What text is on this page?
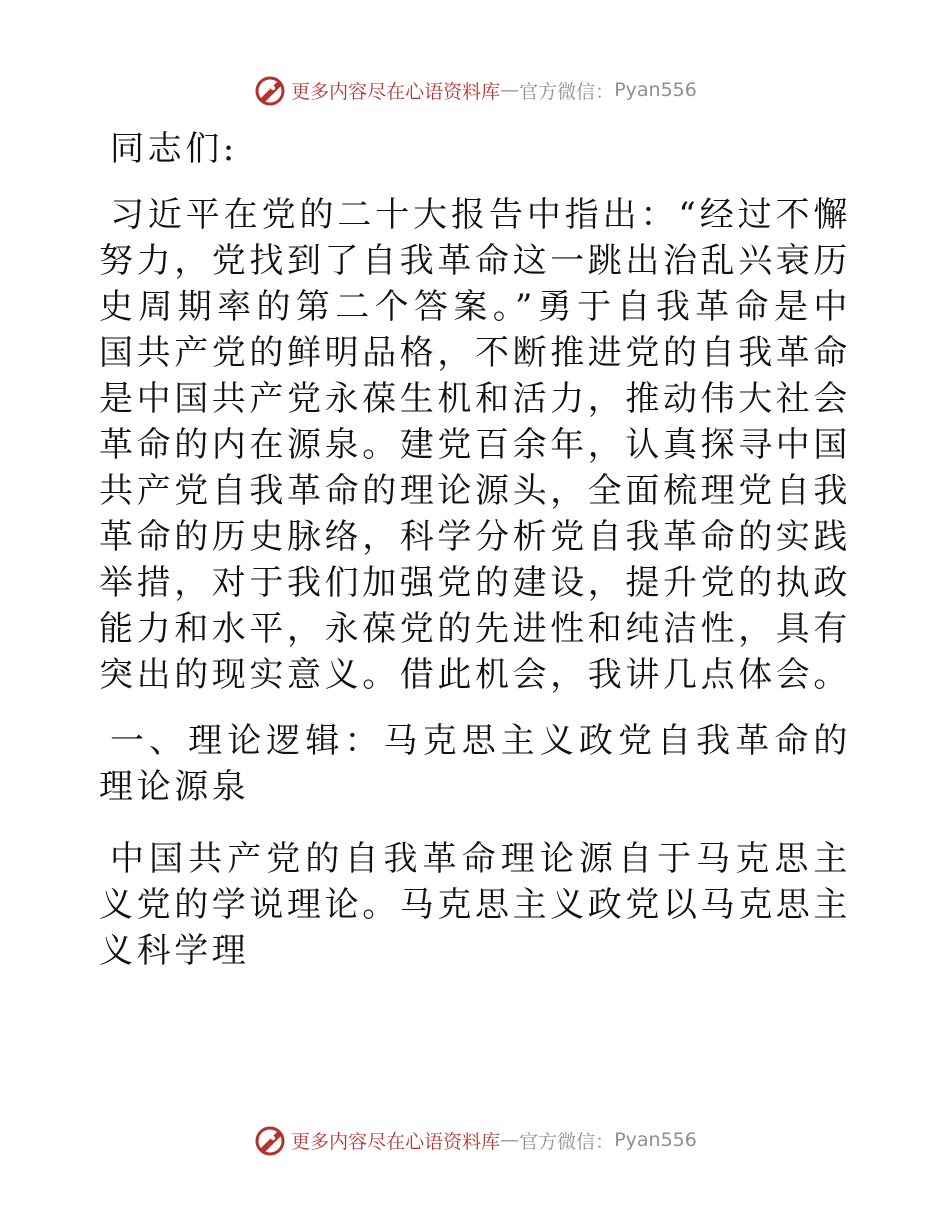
更多内容尽在心语资料库 — 官方微信： Pyan556

同志们:

习近平在党的二十大报告中指出：“经过不懈努力，党找到了自我革命这一跳出治乱兴衰历史周期率的第二个答案。”勇于自我革命是中国共产党的鲜明品格，不断推进党的自我革命是中国共产党永葆生机和活力，推动伟大社会革命的内在源泉。建党百余年，认真探寻中国共产党自我革命的理论源头，全面梳理党自我革命的历史脉络，科学分析党自我革命的实践举措，对于我们加强党的建设，提升党的执政能力和水平，永葆党的先进性和纯洁性，具有突出的现实意义。借此机会，我讲几点体会。

一、理论逻辑：马克思主义政党自我革命的理论源泉

中国共产党的自我革命理论源自于马克思主义党的学说理论。马克思主义政党以马克思主义科学理

更多内容尽在心语资料库 — 官方微信： Pyan556
